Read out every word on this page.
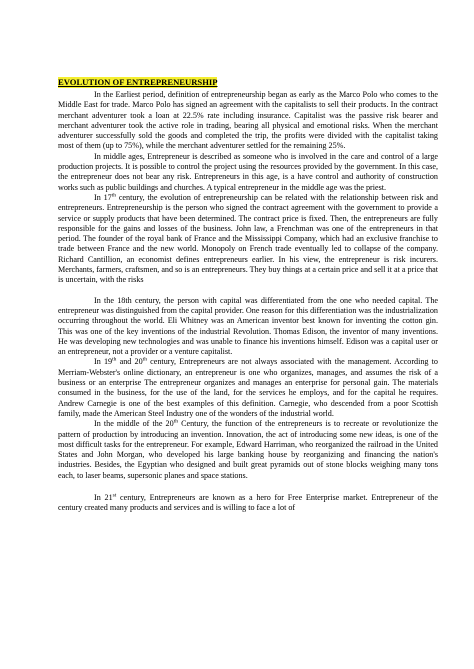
EVOLUTION OF ENTREPRENEURSHIP

In the Earliest period, definition of entrepreneurship began as early as the Marco Polo who comes to the Middle East for trade. Marco Polo has signed an agreement with the capitalists to sell their products. In the contract merchant adventurer took a loan at 22.5% rate including insurance. Capitalist was the passive risk bearer and merchant adventurer took the active role in trading, bearing all physical and emotional risks. When the merchant adventurer successfully sold the goods and completed the trip, the profits were divided with the capitalist taking most of them (up to 75%), while the merchant adventurer settled for the remaining 25%.

In middle ages, Entrepreneur is described as someone who is involved in the care and control of a large production projects. It is possible to control the project using the resources provided by the government. In this case, the entrepreneur does not bear any risk. Entrepreneurs in this age, is a have control and authority of construction works such as public buildings and churches. A typical entrepreneur in the middle age was the priest.

In 17th century, the evolution of entrepreneurship can be related with the relationship between risk and entrepreneurs. Entrepreneurship is the person who signed the contract agreement with the government to provide a service or supply products that have been determined. The contract price is fixed. Then, the entrepreneurs are fully responsible for the gains and losses of the business. John law, a Frenchman was one of the entrepreneurs in that period. The founder of the royal bank of France and the Mississippi Company, which had an exclusive franchise to trade between France and the new world. Monopoly on French trade eventually led to collapse of the company. Richard Cantillion, an economist defines entrepreneurs earlier. In his view, the entrepreneur is risk incurers. Merchants, farmers, craftsmen, and so is an entrepreneurs. They buy things at a certain price and sell it at a price that is uncertain, with the risks

In the 18th century, the person with capital was differentiated from the one who needed capital. The entrepreneur was distinguished from the capital provider. One reason for this differentiation was the industrialization occurring throughout the world. Eli Whitney was an American inventor best known for inventing the cotton gin. This was one of the key inventions of the industrial Revolution. Thomas Edison, the inventor of many inventions. He was developing new technologies and was unable to finance his inventions himself. Edison was a capital user or an entrepreneur, not a provider or a venture capitalist.

In 19th and 20th century, Entrepreneurs are not always associated with the management. According to Merriam-Webster's online dictionary, an entrepreneur is one who organizes, manages, and assumes the risk of a business or an enterprise The entrepreneur organizes and manages an enterprise for personal gain. The materials consumed in the business, for the use of the land, for the services he employs, and for the capital he requires. Andrew Carnegie is one of the best examples of this definition. Carnegie, who descended from a poor Scottish family, made the American Steel Industry one of the wonders of the industrial world.

In the middle of the 20th Century, the function of the entrepreneurs is to recreate or revolutionize the pattern of production by introducing an invention. Innovation, the act of introducing some new ideas, is one of the most difficult tasks for the entrepreneur. For example, Edward Harriman, who reorganized the railroad in the United States and John Morgan, who developed his large banking house by reorganizing and financing the nation's industries. Besides, the Egyptian who designed and built great pyramids out of stone blocks weighing many tons each, to laser beams, supersonic planes and space stations.

In 21st century, Entrepreneurs are known as a hero for Free Enterprise market. Entrepreneur of the century created many products and services and is willing to face a lot of
